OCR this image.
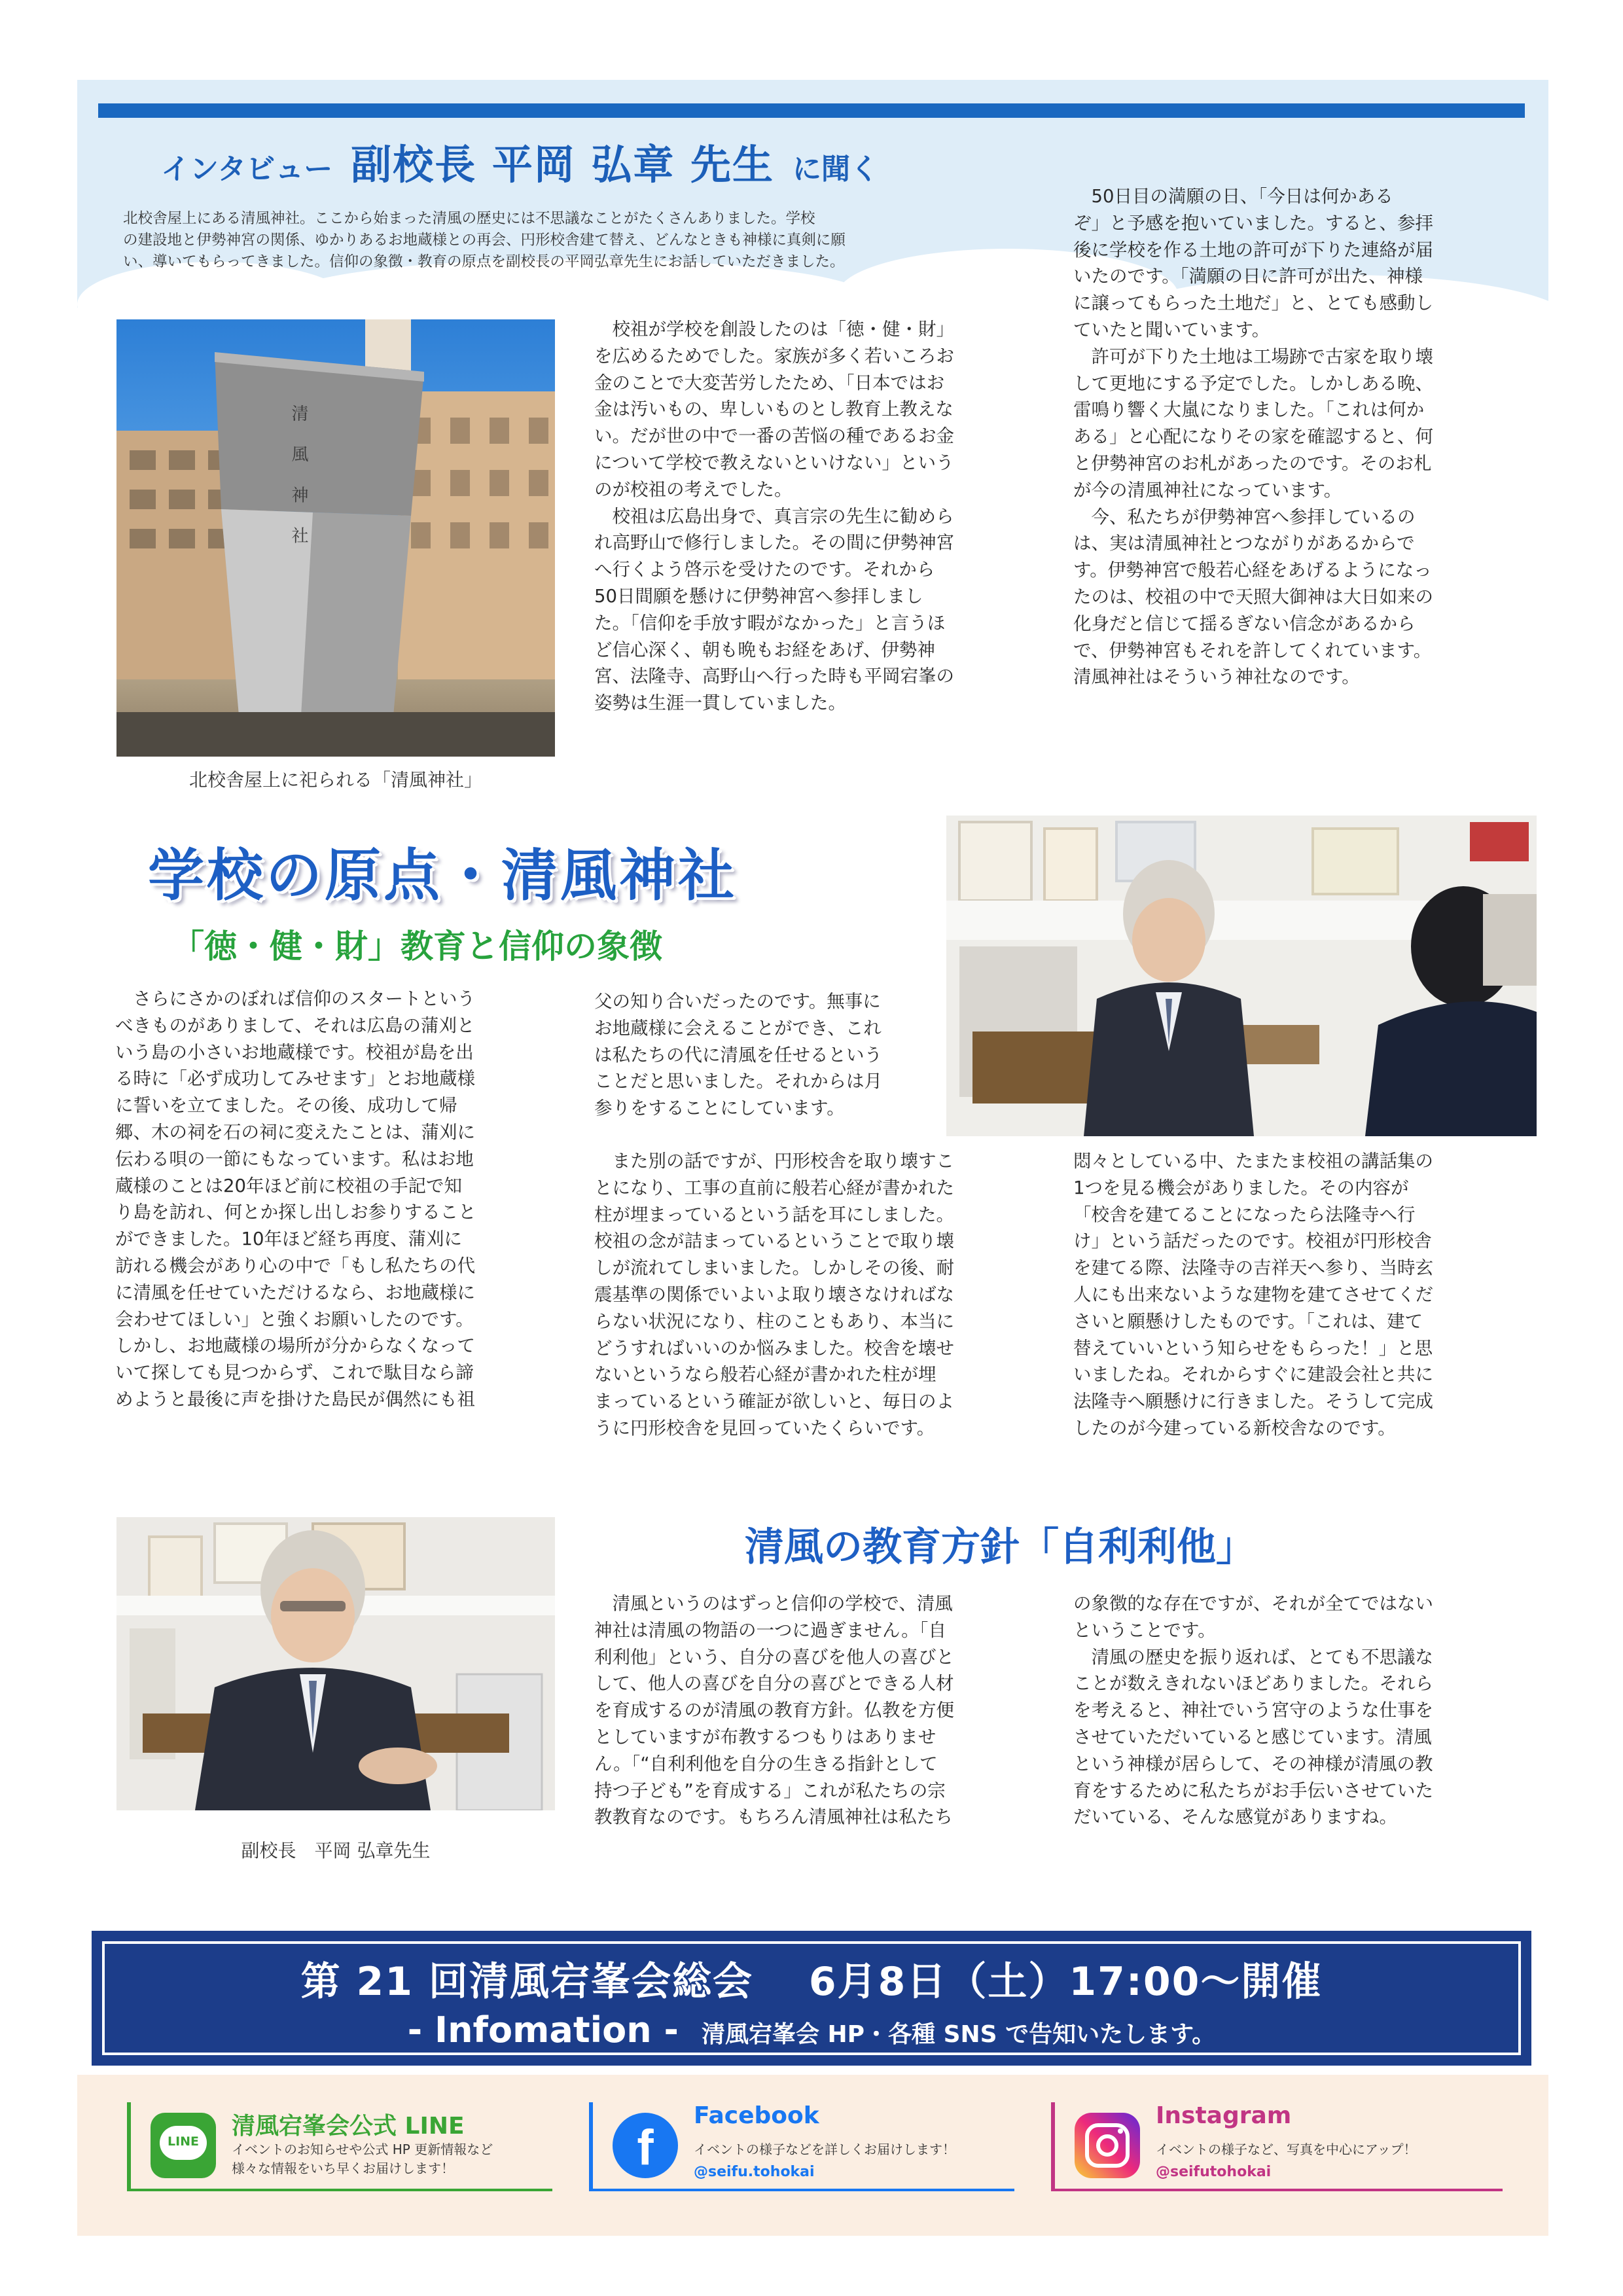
インタビュー 副校長 平岡 弘章 先生 に聞く

北校舎屋上にある清風神社。ここから始まった清風の歴史には不思議なことがたくさんありました。学校

の建設地と伊勢神宮の関係、ゆかりあるお地蔵様との再会、円形校舎建て替え、どんなときも神様に真剣に願

い、導いてもらってきました。信仰の象徴・教育の原点を副校長の平岡弘章先生にお話していただきました。

清 風 神 社
北校舎屋上に祀られる「清風神社」

　校祖が学校を創設したのは「徳・健・財」

を広めるためでした。家族が多く若いころお

金のことで大変苦労したため、「日本ではお

金は汚いもの、卑しいものとし教育上教えな

い。だが世の中で一番の苦悩の種であるお金

について学校で教えないといけない」という

のが校祖の考えでした。

　校祖は広島出身で、真言宗の先生に勧めら

れ高野山で修行しました。その間に伊勢神宮

へ行くよう啓示を受けたのです。それから

50日間願を懸けに伊勢神宮へ参拝しまし

た。「信仰を手放す暇がなかった」と言うほ

ど信心深く、朝も晩もお経をあげ、伊勢神

宮、法隆寺、高野山へ行った時も平岡宕峯の

姿勢は生涯一貫していました。

　50日目の満願の日、「今日は何かある

ぞ」と予感を抱いていました。すると、参拝

後に学校を作る土地の許可が下りた連絡が届

いたのです。「満願の日に許可が出た、神様

に譲ってもらった土地だ」と、とても感動し

ていたと聞いています。

　許可が下りた土地は工場跡で古家を取り壊

して更地にする予定でした。しかしある晩、

雷鳴り響く大嵐になりました。「これは何か

ある」と心配になりその家を確認すると、何

と伊勢神宮のお札があったのです。そのお札

が今の清風神社になっています。

　今、私たちが伊勢神宮へ参拝しているの

は、実は清風神社とつながりがあるからで

す。伊勢神宮で般若心経をあげるようになっ

たのは、校祖の中で天照大御神は大日如来の

化身だと信じて揺るぎない信念があるから

で、伊勢神宮もそれを許してくれています。

清風神社はそういう神社なのです。

学校の原点・清風神社
「徳・健・財」教育と信仰の象徴

　さらにさかのぼれば信仰のスタートという

べきものがありまして、それは広島の蒲刈と

いう島の小さいお地蔵様です。校祖が島を出

る時に「必ず成功してみせます」とお地蔵様

に誓いを立てました。その後、成功して帰

郷、木の祠を石の祠に変えたことは、蒲刈に

伝わる唄の一節にもなっています。私はお地

蔵様のことは20年ほど前に校祖の手記で知

り島を訪れ、何とか探し出しお参りすること

ができました。10年ほど経ち再度、蒲刈に

訪れる機会があり心の中で「もし私たちの代

に清風を任せていただけるなら、お地蔵様に

会わせてほしい」と強くお願いしたのです。

しかし、お地蔵様の場所が分からなくなって

いて探しても見つからず、これで駄目なら諦

めようと最後に声を掛けた島民が偶然にも祖

父の知り合いだったのです。無事に

お地蔵様に会えることができ、これ

は私たちの代に清風を任せるという

ことだと思いました。それからは月

参りをすることにしています。

　また別の話ですが、円形校舎を取り壊すこ

とになり、工事の直前に般若心経が書かれた

柱が埋まっているという話を耳にしました。

校祖の念が詰まっているということで取り壊

しが流れてしまいました。しかしその後、耐

震基準の関係でいよいよ取り壊さなければな

らない状況になり、柱のこともあり、本当に

どうすればいいのか悩みました。校舎を壊せ

ないというなら般若心経が書かれた柱が埋

まっているという確証が欲しいと、毎日のよ

うに円形校舎を見回っていたくらいです。

悶々としている中、たまたま校祖の講話集の

1つを見る機会がありました。その内容が

「校舎を建てることになったら法隆寺へ行

け」という話だったのです。校祖が円形校舎

を建てる際、法隆寺の吉祥天へ参り、当時玄

人にも出来ないような建物を建てさせてくだ

さいと願懸けしたものです。「これは、建て

替えていいという知らせをもらった！」と思

いましたね。それからすぐに建設会社と共に

法隆寺へ願懸けに行きました。そうして完成

したのが今建っている新校舎なのです。

副校長　平岡 弘章先生
清風の教育方針「自利利他」

　清風というのはずっと信仰の学校で、清風

神社は清風の物語の一つに過ぎません。「自

利利他」という、自分の喜びを他人の喜びと

して、他人の喜びを自分の喜びとできる人材

を育成するのが清風の教育方針。仏教を方便

としていますが布教するつもりはありませ

ん。「“自利利他を自分の生きる指針として

持つ子ども”を育成する」これが私たちの宗

教教育なのです。もちろん清風神社は私たち

の象徴的な存在ですが、それが全てではない

ということです。

　清風の歴史を振り返れば、とても不思議な

ことが数えきれないほどありました。それら

を考えると、神社でいう宮守のような仕事を

させていただいていると感じています。清風

という神様が居らして、その神様が清風の教

育をするために私たちがお手伝いさせていた

だいている、そんな感覚がありますね。

第 21 回清風宕峯会総会　 6月8日（土）17:00〜開催
- Infomation - 清風宕峯会 HP・各種 SNS で告知いたします。
LINE
清風宕峯会公式 LINE
イベントのお知らせや公式 HP 更新情報など
様々な情報をいち早くお届けします！	f
Facebook
イベントの様子などを詳しくお届けします！
@seifu.tohokai
Instagram
イベントの様子など、写真を中心にアップ！
@seifutohokai
